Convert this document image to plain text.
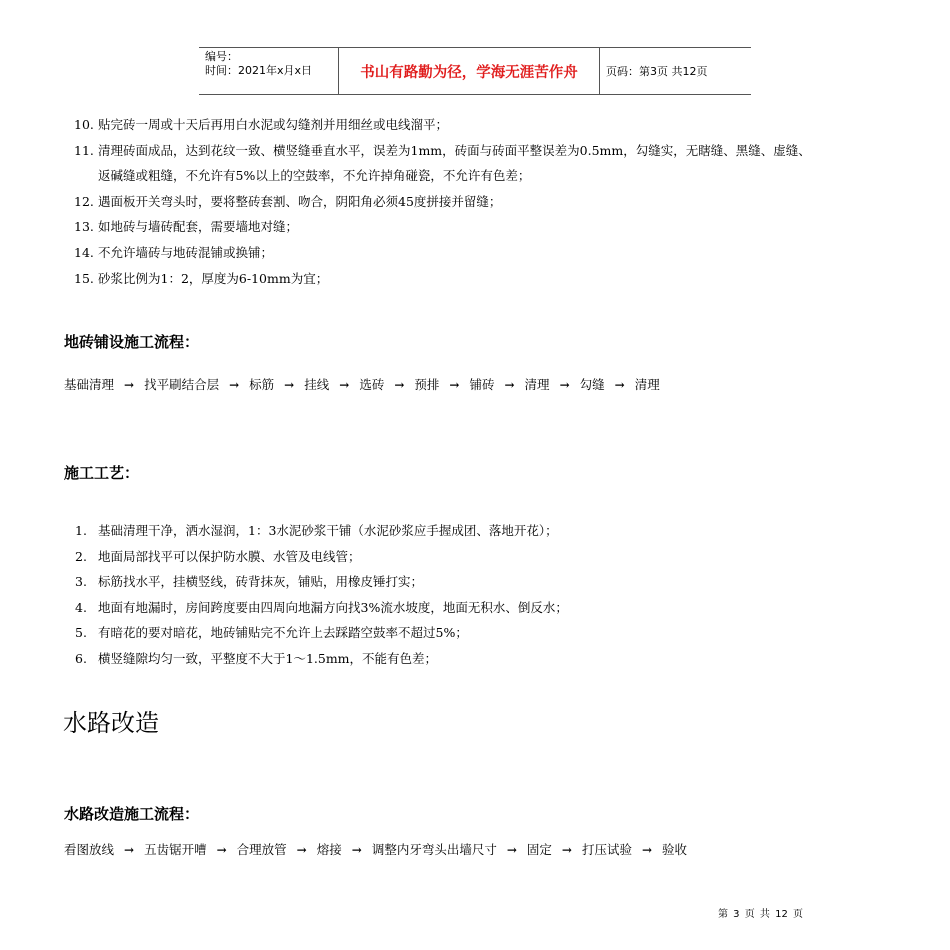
编号：
时间：2021年x月x日	书山有路勤为径，学海无涯苦作舟	页码：第3页 共12页
10. 贴完砖一周或十天后再用白水泥或勾缝剂并用细丝或电线溜平；
11. 清理砖面成品，达到花纹一致、横竖缝垂直水平，误差为1mm，砖面与砖面平整误差为0.5mm，勾缝实，无瞎缝、黑缝、虚缝、
返碱缝或粗缝，不允许有5%以上的空鼓率，不允许掉角碰瓷，不允许有色差；
12. 遇面板开关弯头时，要将整砖套割、吻合，阴阳角必须45度拼接并留缝；
13. 如地砖与墙砖配套，需要墙地对缝；
14. 不允许墙砖与地砖混铺或换铺；
15. 砂浆比例为1：2，厚度为6-10mm为宜；
地砖铺设施工流程：
基础清理 → 找平刷结合层 → 标筋 → 挂线 → 选砖 → 预排 → 铺砖 → 清理 → 勾缝 → 清理
施工工艺：
1. 基础清理干净，洒水湿润，1：3水泥砂浆干铺（水泥砂浆应手握成团、落地开花）；
2. 地面局部找平可以保护防水膜、水管及电线管；
3. 标筋找水平，挂横竖线，砖背抹灰，铺贴，用橡皮锤打实；
4. 地面有地漏时，房间跨度要由四周向地漏方向找3%流水坡度，地面无积水、倒反水；
5. 有暗花的要对暗花，地砖铺贴完不允许上去踩踏空鼓率不超过5%；
6. 横竖缝隙均匀一致，平整度不大于1～1.5mm，不能有色差；
水路改造
水路改造施工流程：
看图放线 → 五齿锯开嘈 → 合理放管 → 熔接 → 调整内牙弯头出墙尺寸 → 固定 → 打压试验 → 验收
第 3 页 共 12 页
